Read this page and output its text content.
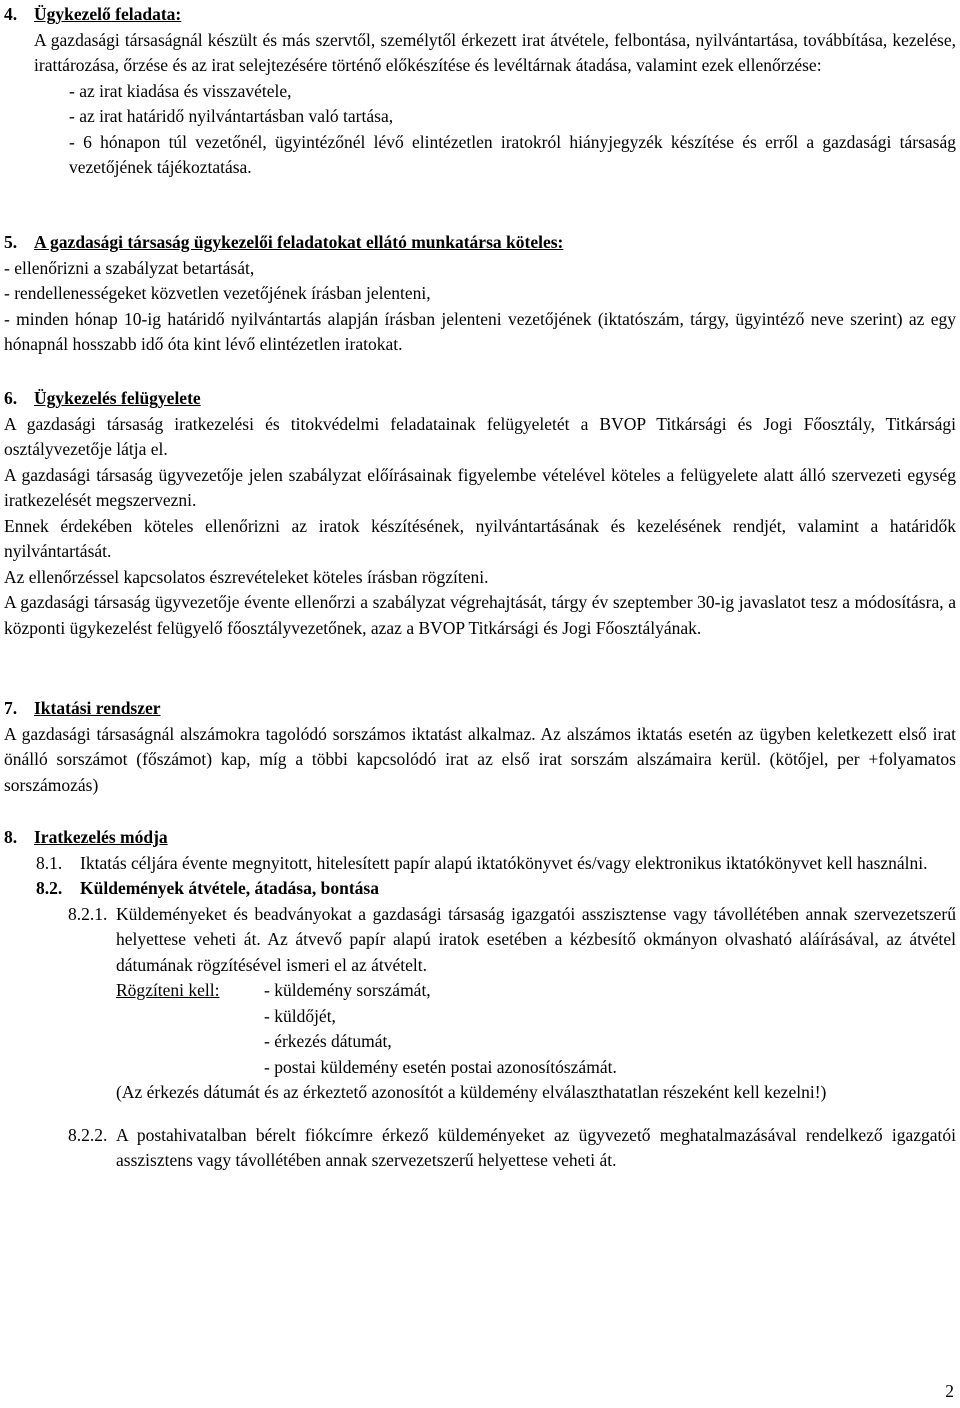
4. Ügykezelő feladata:
A gazdasági társaságnál készült és más szervtől, személytől érkezett irat átvétele, felbontása, nyilvántartása, továbbítása, kezelése, irattározása, őrzése és az irat selejtezésére történő előkészítése és levéltárnak átadása, valamint ezek ellenőrzése:
- az irat kiadása és visszavétele,
- az irat határidő nyilvántartásban való tartása,
- 6 hónapon túl vezetőnél, ügyintézőnél lévő elintézetlen iratokról hiányjegyzék készítése és erről a gazdasági társaság vezetőjének tájékoztatása.
5. A gazdasági társaság ügykezelői feladatokat ellátó munkatársa köteles:
- ellenőrizni a szabályzat betartását,
- rendellenességeket közvetlen vezetőjének írásban jelenteni,
- minden hónap 10-ig határidő nyilvántartás alapján írásban jelenteni vezetőjének (iktatószám, tárgy, ügyintéző neve szerint) az egy hónapnál hosszabb idő óta kint lévő elintézetlen iratokat.
6. Ügykezelés felügyelete
A gazdasági társaság iratkezelési és titokvédelmi feladatainak felügyeletét a BVOP Titkársági és Jogi Főosztály, Titkársági osztályvezetője látja el.
A gazdasági társaság ügyvezetője jelen szabályzat előírásainak figyelembe vételével köteles a felügyelete alatt álló szervezeti egység iratkezelését megszervezni.
Ennek érdekében köteles ellenőrizni az iratok készítésének, nyilvántartásának és kezelésének rendjét, valamint a határidők nyilvántartását.
Az ellenőrzéssel kapcsolatos észrevételeket köteles írásban rögzíteni.
A gazdasági társaság ügyvezetője évente ellenőrzi a szabályzat végrehajtását, tárgy év szeptember 30-ig javaslatot tesz a módosításra, a központi ügykezelést felügyelő főosztályvezetőnek, azaz a BVOP Titkársági és Jogi Főosztályának.
7. Iktatási rendszer
A gazdasági társaságnál alszámokra tagolódó sorszámos iktatást alkalmaz. Az alszámos iktatás esetén az ügyben keletkezett első irat önálló sorszámot (főszámot) kap, míg a többi kapcsolódó irat az első irat sorszám alszámaira kerül. (kötőjel, per +folyamatos sorszámozás)
8. Iratkezelés módja
8.1.	Iktatás céljára évente megnyitott, hitelesített papír alapú iktatókönyvet és/vagy elektronikus iktatókönyvet kell használni.
8.2. Küldemények átvétele, átadása, bontása
8.2.1. Küldeményeket és beadványokat a gazdasági társaság igazgatói asszisztense vagy távollétében annak szervezetszerű helyettese veheti át. Az átvevő papír alapú iratok esetében a kézbesítő okmányon olvasható aláírásával, az átvétel dátumának rögzítésével ismeri el az átvételt.
Rögzíteni kell:	- küldemény sorszámát,
- küldőjét,
- érkezés dátumát,
- postai küldemény esetén postai azonosítószámát.
(Az érkezés dátumát és az érkeztető azonosítót a küldemény elválaszthatatlan részeként kell kezelni!)
8.2.2. A postahivatalban bérelt fiókcímre érkező küldeményeket az ügyvezető meghatalmazásával rendelkező igazgatói asszisztens vagy távollétében annak szervezetszerű helyettese veheti át.
2
